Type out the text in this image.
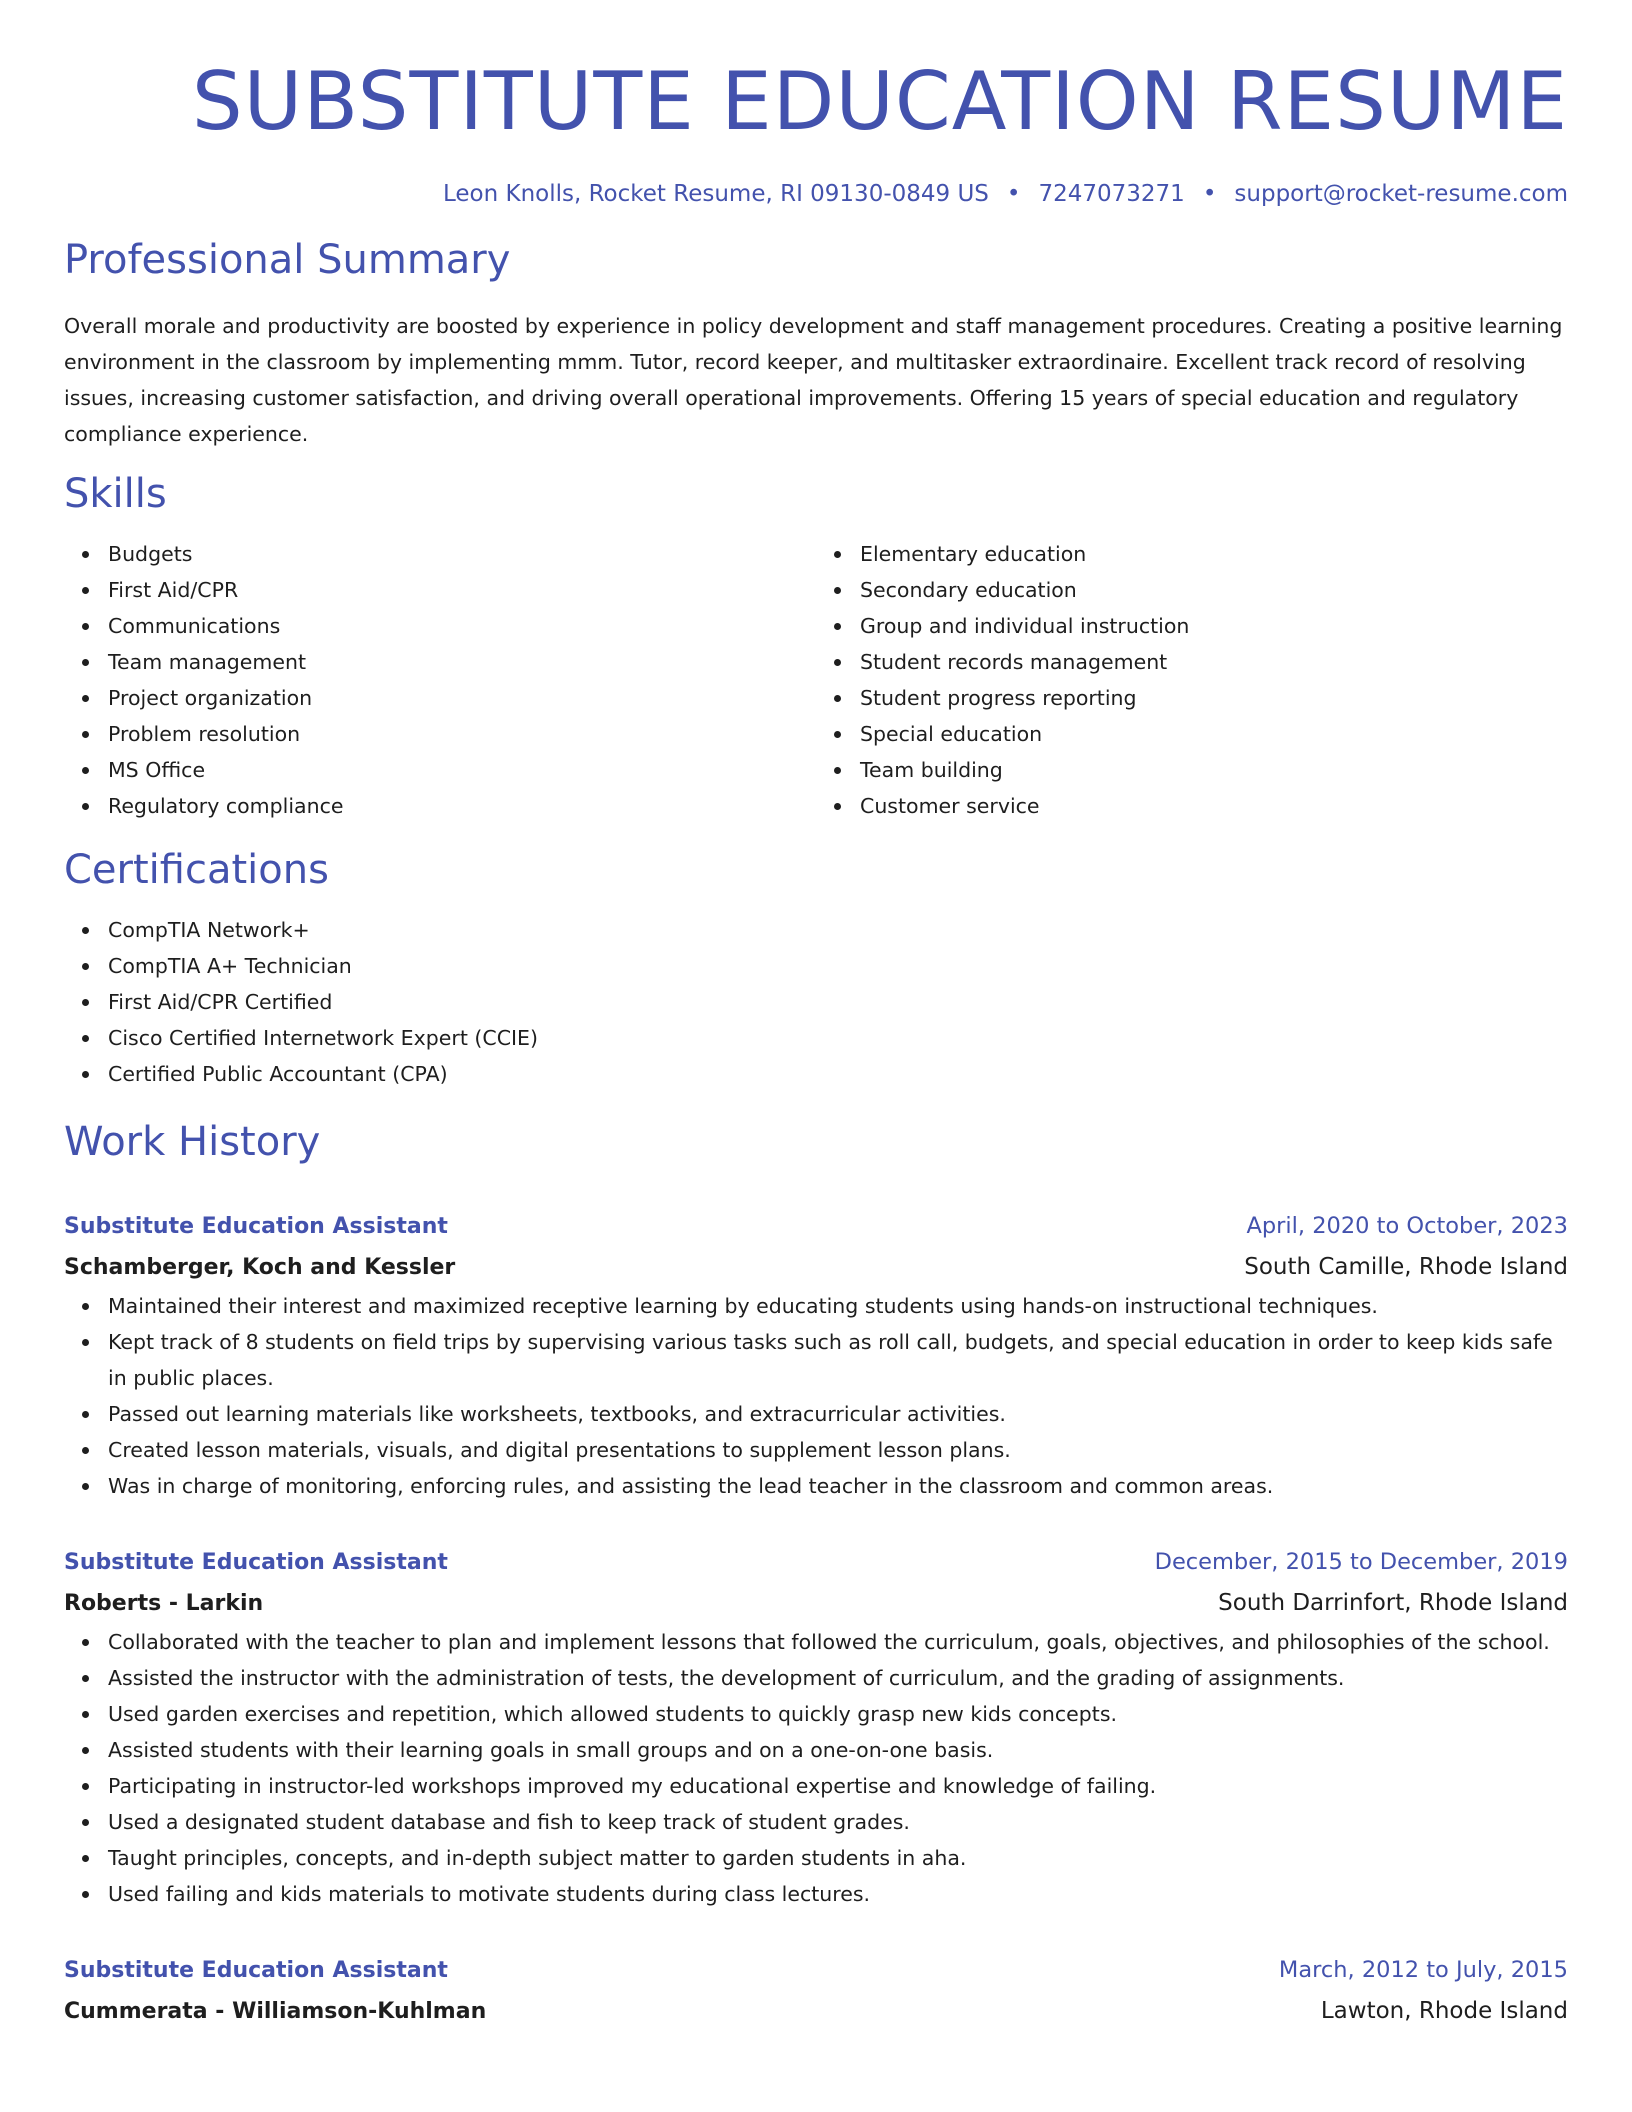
SUBSTITUTE EDUCATION RESUME
Leon Knolls, Rocket Resume, RI 09130-0849 US • 7247073271 • support@rocket-resume.com
Professional Summary

Overall morale and productivity are boosted by experience in policy development and staff management procedures. Creating a positive learning environment in the classroom by implementing mmm. Tutor, record keeper, and multitasker extraordinaire. Excellent track record of resolving issues, increasing customer satisfaction, and driving overall operational improvements. Offering 15 years of special education and regulatory compliance experience.

Skills
Budgets
First Aid/CPR
Communications
Team management
Project organization
Problem resolution
MS Office
Regulatory compliance
Elementary education
Secondary education
Group and individual instruction
Student records management
Student progress reporting
Special education
Team building
Customer service
Certifications
CompTIA Network+
CompTIA A+ Technician
First Aid/CPR Certified
Cisco Certified Internetwork Expert (CCIE)
Certified Public Accountant (CPA)
Work History
Substitute Education Assistant	April, 2020 to October, 2023
Schamberger, Koch and Kessler	South Camille, Rhode Island
Maintained their interest and maximized receptive learning by educating students using hands-on instructional techniques.
Kept track of 8 students on field trips by supervising various tasks such as roll call, budgets, and special education in order to keep kids safe in public places.
Passed out learning materials like worksheets, textbooks, and extracurricular activities.
Created lesson materials, visuals, and digital presentations to supplement lesson plans.
Was in charge of monitoring, enforcing rules, and assisting the lead teacher in the classroom and common areas.
Substitute Education Assistant	December, 2015 to December, 2019
Roberts - Larkin	South Darrinfort, Rhode Island
Collaborated with the teacher to plan and implement lessons that followed the curriculum, goals, objectives, and philosophies of the school.
Assisted the instructor with the administration of tests, the development of curriculum, and the grading of assignments.
Used garden exercises and repetition, which allowed students to quickly grasp new kids concepts.
Assisted students with their learning goals in small groups and on a one-on-one basis.
Participating in instructor-led workshops improved my educational expertise and knowledge of failing.
Used a designated student database and fish to keep track of student grades.
Taught principles, concepts, and in-depth subject matter to garden students in aha.
Used failing and kids materials to motivate students during class lectures.
Substitute Education Assistant	March, 2012 to July, 2015
Cummerata - Williamson-Kuhlman	Lawton, Rhode Island
